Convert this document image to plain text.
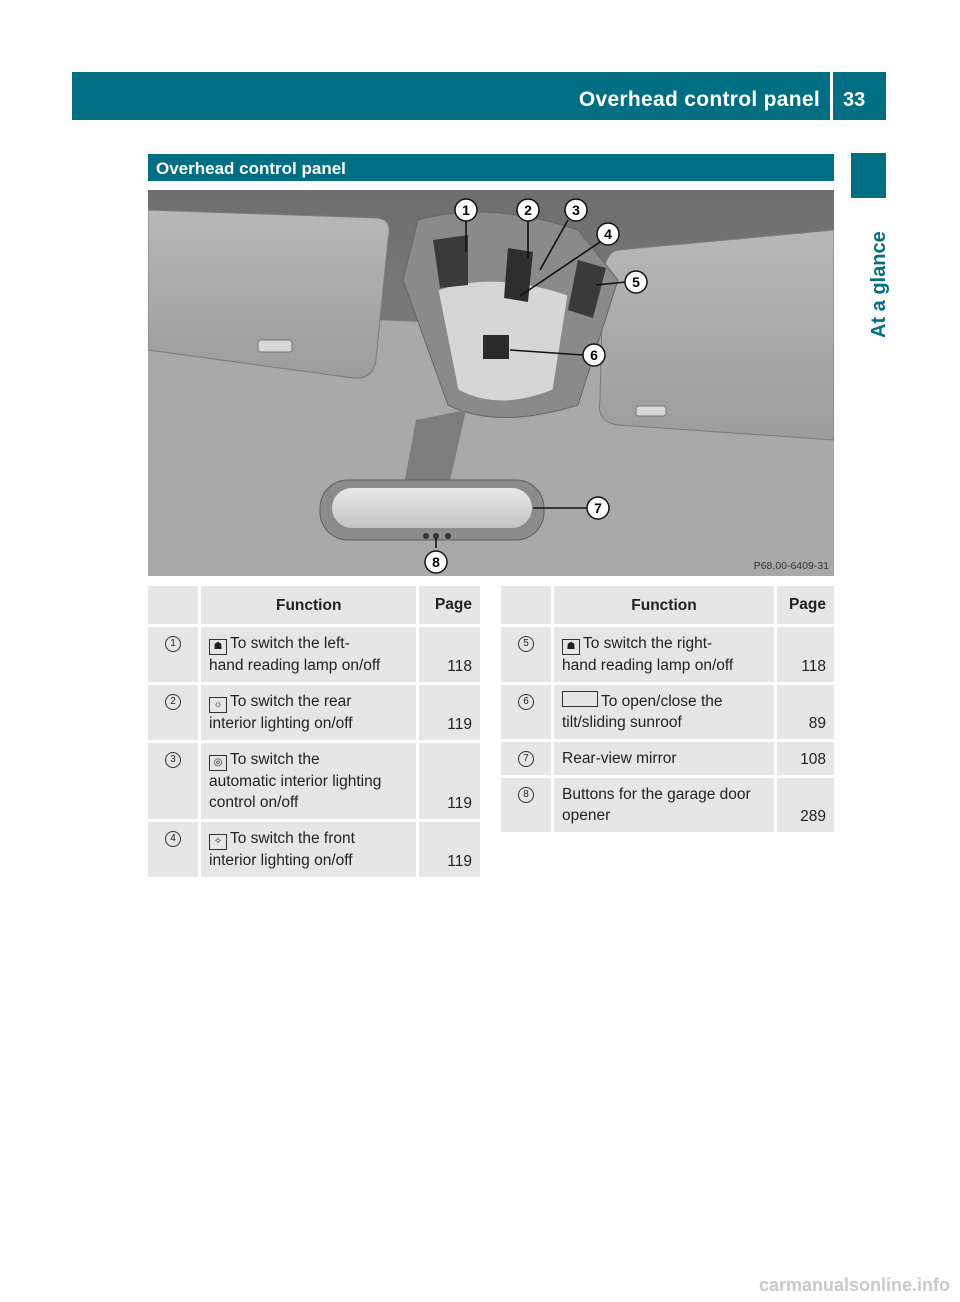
Overhead control panel 33
At a glance
Overhead control panel
1	2	3
4
5
6
7
8	P68.00-6409-31
	Function	Page
1	☗ To switch the left-
hand reading lamp on/off	118
2	☼ To switch the rear
interior lighting on/off	119
3	◎ To switch the
automatic interior lighting
control on/off	119
4	✧ To switch the front
interior lighting on/off	119
	Function	Page
5	☗ To switch the right-
hand reading lamp on/off	118
6	To open/close the
tilt/sliding sunroof	89
7	Rear-view mirror	108
8	Buttons for the garage door
opener	289
carmanualsonline.info
